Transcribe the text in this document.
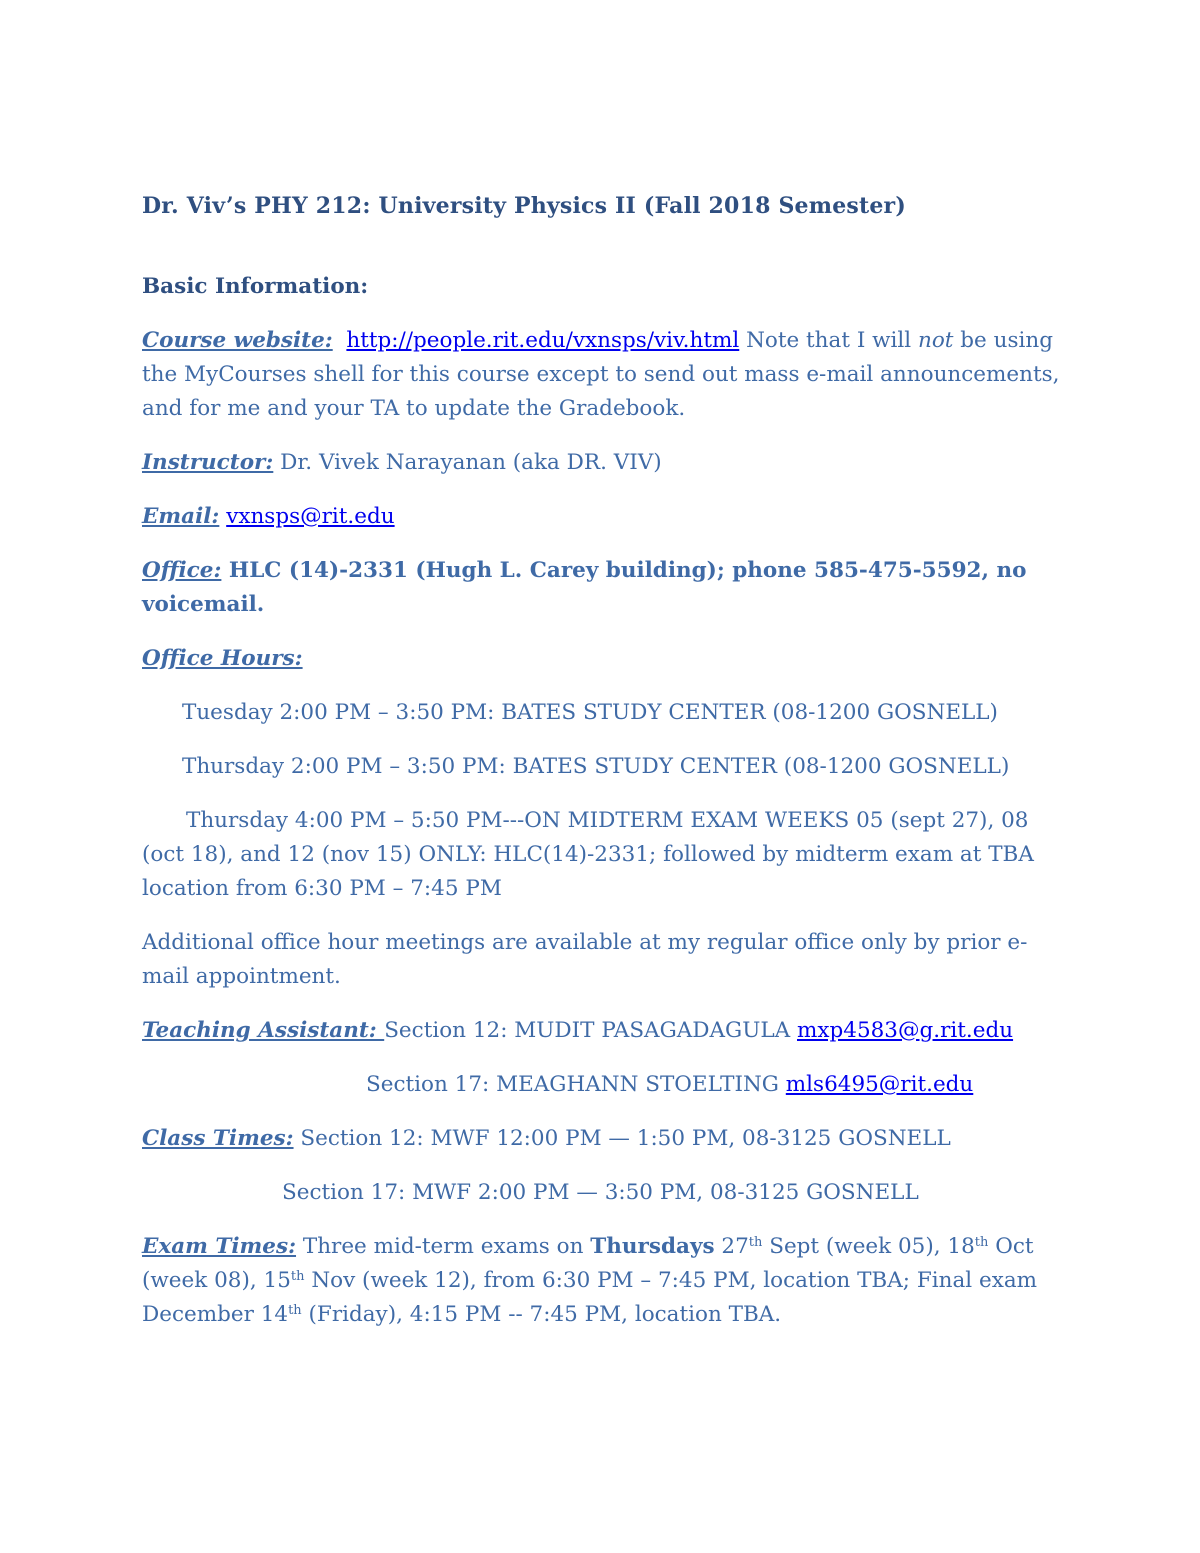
Dr. Viv’s PHY 212: University Physics II (Fall 2018 Semester)

Basic Information:

Course website: http://people.rit.edu/vxnsps/viv.html Note that I will not be using the MyCourses shell for this course except to send out mass e-mail announcements, and for me and your TA to update the Gradebook.

Instructor: Dr. Vivek Narayanan (aka DR. VIV)

Email: vxnsps@rit.edu

Office: HLC (14)-2331 (Hugh L. Carey building); phone 585-475-5592, no voicemail.

Office Hours:

Tuesday 2:00 PM – 3:50 PM: BATES STUDY CENTER (08-1200 GOSNELL)

Thursday 2:00 PM – 3:50 PM: BATES STUDY CENTER (08-1200 GOSNELL)

Thursday 4:00 PM – 5:50 PM---ON MIDTERM EXAM WEEKS 05 (sept 27), 08 (oct 18), and 12 (nov 15) ONLY: HLC(14)-2331; followed by midterm exam at TBA location from 6:30 PM – 7:45 PM

Additional office hour meetings are available at my regular office only by prior e-mail appointment.

Teaching Assistant: Section 12: MUDIT PASAGADAGULA mxp4583@g.rit.edu

Section 17: MEAGHANN STOELTING mls6495@rit.edu

Class Times: Section 12: MWF 12:00 PM — 1:50 PM, 08-3125 GOSNELL

Section 17: MWF 2:00 PM — 3:50 PM, 08-3125 GOSNELL

Exam Times: Three mid-term exams on Thursdays 27th Sept (week 05), 18th Oct (week 08), 15th Nov (week 12), from 6:30 PM – 7:45 PM, location TBA; Final exam December 14th (Friday), 4:15 PM -- 7:45 PM, location TBA.
